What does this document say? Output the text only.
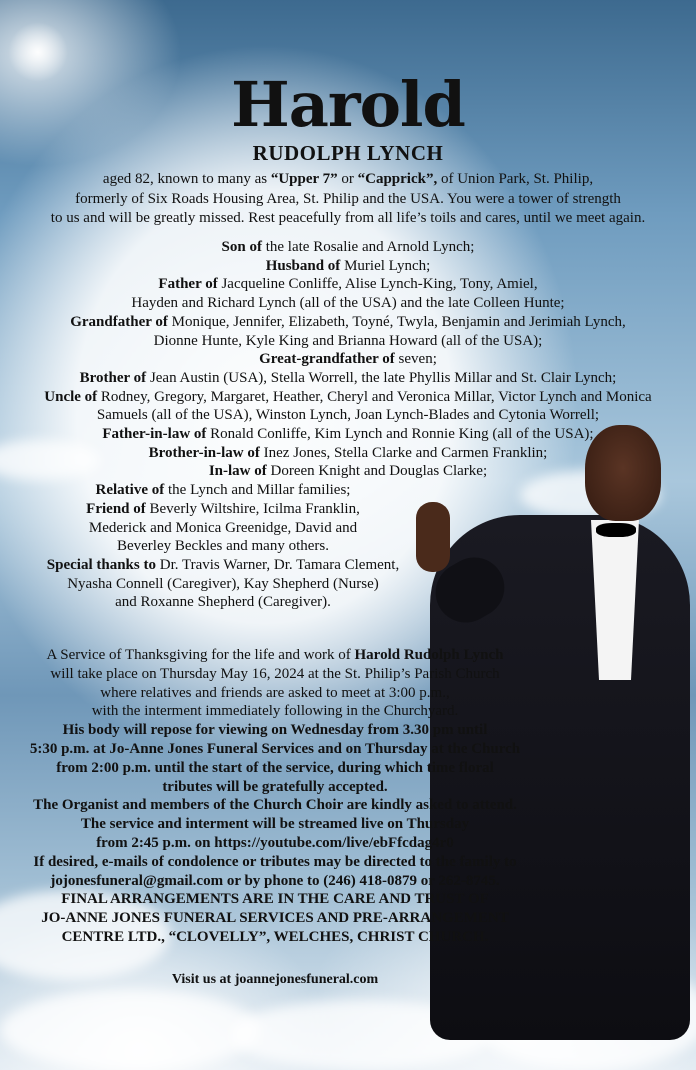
Harold
RUDOLPH LYNCH
aged 82, known to many as “Upper 7” or “Capprick”, of Union Park, St. Philip,
formerly of Six Roads Housing Area, St. Philip and the USA. You were a tower of strength
to us and will be greatly missed. Rest peacefully from all life’s toils and cares, until we meet again.
Son of the late Rosalie and Arnold Lynch;
Husband of Muriel Lynch;
Father of Jacqueline Conliffe, Alise Lynch-King, Tony, Amiel,
Hayden and Richard Lynch (all of the USA) and the late Colleen Hunte;
Grandfather of Monique, Jennifer, Elizabeth, Toyné, Twyla, Benjamin and Jerimiah Lynch,
Dionne Hunte, Kyle King and Brianna Howard (all of the USA);
Great-grandfather of seven;
Brother of Jean Austin (USA), Stella Worrell, the late Phyllis Millar and St. Clair Lynch;
Uncle of Rodney, Gregory, Margaret, Heather, Cheryl and Veronica Millar, Victor Lynch and Monica
Samuels (all of the USA), Winston Lynch, Joan Lynch-Blades and Cytonia Worrell;
Father-in-law of Ronald Conliffe, Kim Lynch and Ronnie King (all of the USA);
Brother-in-law of Inez Jones, Stella Clarke and Carmen Franklin;
In-law of Doreen Knight and Douglas Clarke;
Relative of the Lynch and Millar families;
Friend of Beverly Wiltshire, Icilma Franklin,
Mederick and Monica Greenidge, David and
Beverley Beckles and many others.
Special thanks to Dr. Travis Warner, Dr. Tamara Clement,
Nyasha Connell (Caregiver), Kay Shepherd (Nurse)
and Roxanne Shepherd (Caregiver).
A Service of Thanksgiving for the life and work of Harold Rudolph Lynch
will take place on Thursday May 16, 2024 at the St. Philip’s Parish Church
where relatives and friends are asked to meet at 3:00 p.m.,
with the interment immediately following in the Churchyard.
His body will repose for viewing on Wednesday from 3.30 pm until
5:30 p.m. at Jo-Anne Jones Funeral Services and on Thursday at the Church
from 2:00 p.m. until the start of the service, during which time floral
tributes will be gratefully accepted.
The Organist and members of the Church Choir are kindly asked to attend.
The service and interment will be streamed live on Thursday
from 2:45 p.m. on https://youtube.com/live/ebFfcdag4r0
If desired, e-mails of condolence or tributes may be directed to the family to
jojonesfuneral@gmail.com or by phone to (246) 418-0879 or 262-8745.
FINAL ARRANGEMENTS ARE IN THE CARE AND TRUST OF
JO-ANNE JONES FUNERAL SERVICES AND PRE-ARRANGEMENT
CENTRE LTD., “CLOVELLY”, WELCHES, CHRIST CHURCH.
Visit us at joannejonesfuneral.com
